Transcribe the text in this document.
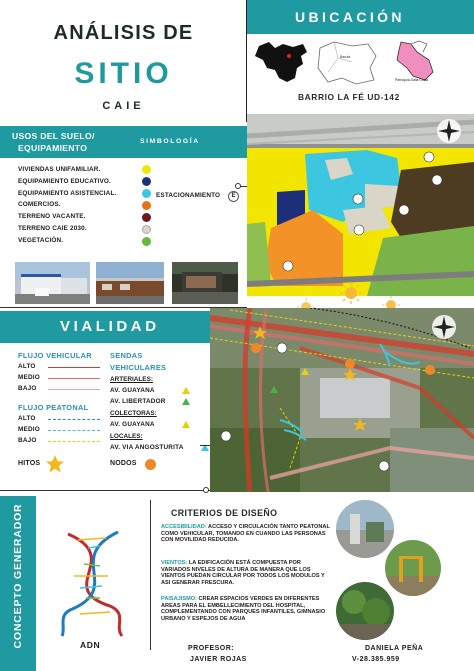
ANÁLISIS DE
SITIO
CAIE
UBICACIÓN
Baruta
Parroquia Dalla Costa
BARRIO LA FÉ UD-142
USOS DEL SUELO/
EQUIPAMIENTO
SIMBOLOGÍA
VIVIENDAS UNIFAMILIAR.
EQUIPAMIENTO EDUCATIVO.
EQUIPAMIENTO ASISTENCIAL.
COMERCIOS.
TERRENO VACANTE.
TERRENO CAIE 2030.
VEGETACIÓN.
ESTACIONAMIENTO	E
VIALIDAD
FLUJO VEHICULAR
ALTO
MEDIO
BAJO
FLUJO PEATONAL
ALTO
MEDIO
BAJO
SENDAS
VEHICULARES
ARTERIALES:
AV. GUAYANA
AV. LIBERTADOR
COLECTORAS:
AV. GUAYANA
LOCALES:
AV. VIA ANGOSTURITA
HITOS	NODOS
CONCEPTO GENERADOR	ADN
CRITERIOS DE DISEÑO
ACCESIBILIDAD: ACCESO Y CIRCULACIÓN TANTO PEATONAL COMO VEHICULAR, TOMANDO EN CUANDO LAS PERSONAS CON MOVILIDAD REDUCIDA.
VIENTOS: LA EDIFICACIÓN ESTÁ COMPUESTA POR VARIADOS NIVELES DE ALTURA DE MANERA QUE LOS VIENTOS PUEDAN CIRCULAR POR TODOS LOS MODULOS Y ASI GENERAR FRESCURA.
PAISAJISMO: CREAR ESPACIOS VERDES EN DIFERENTES AREAS PARA EL EMBELLECIMIENTO DEL HOSPITAL, COMPLEMENTANDO CON PARQUES INFANTILES, GIMNASIO URBANO Y ESPEJOS DE AGUA
PROFESOR:
JAVIER ROJAS
DANIELA PEÑA
V-28.385.959
